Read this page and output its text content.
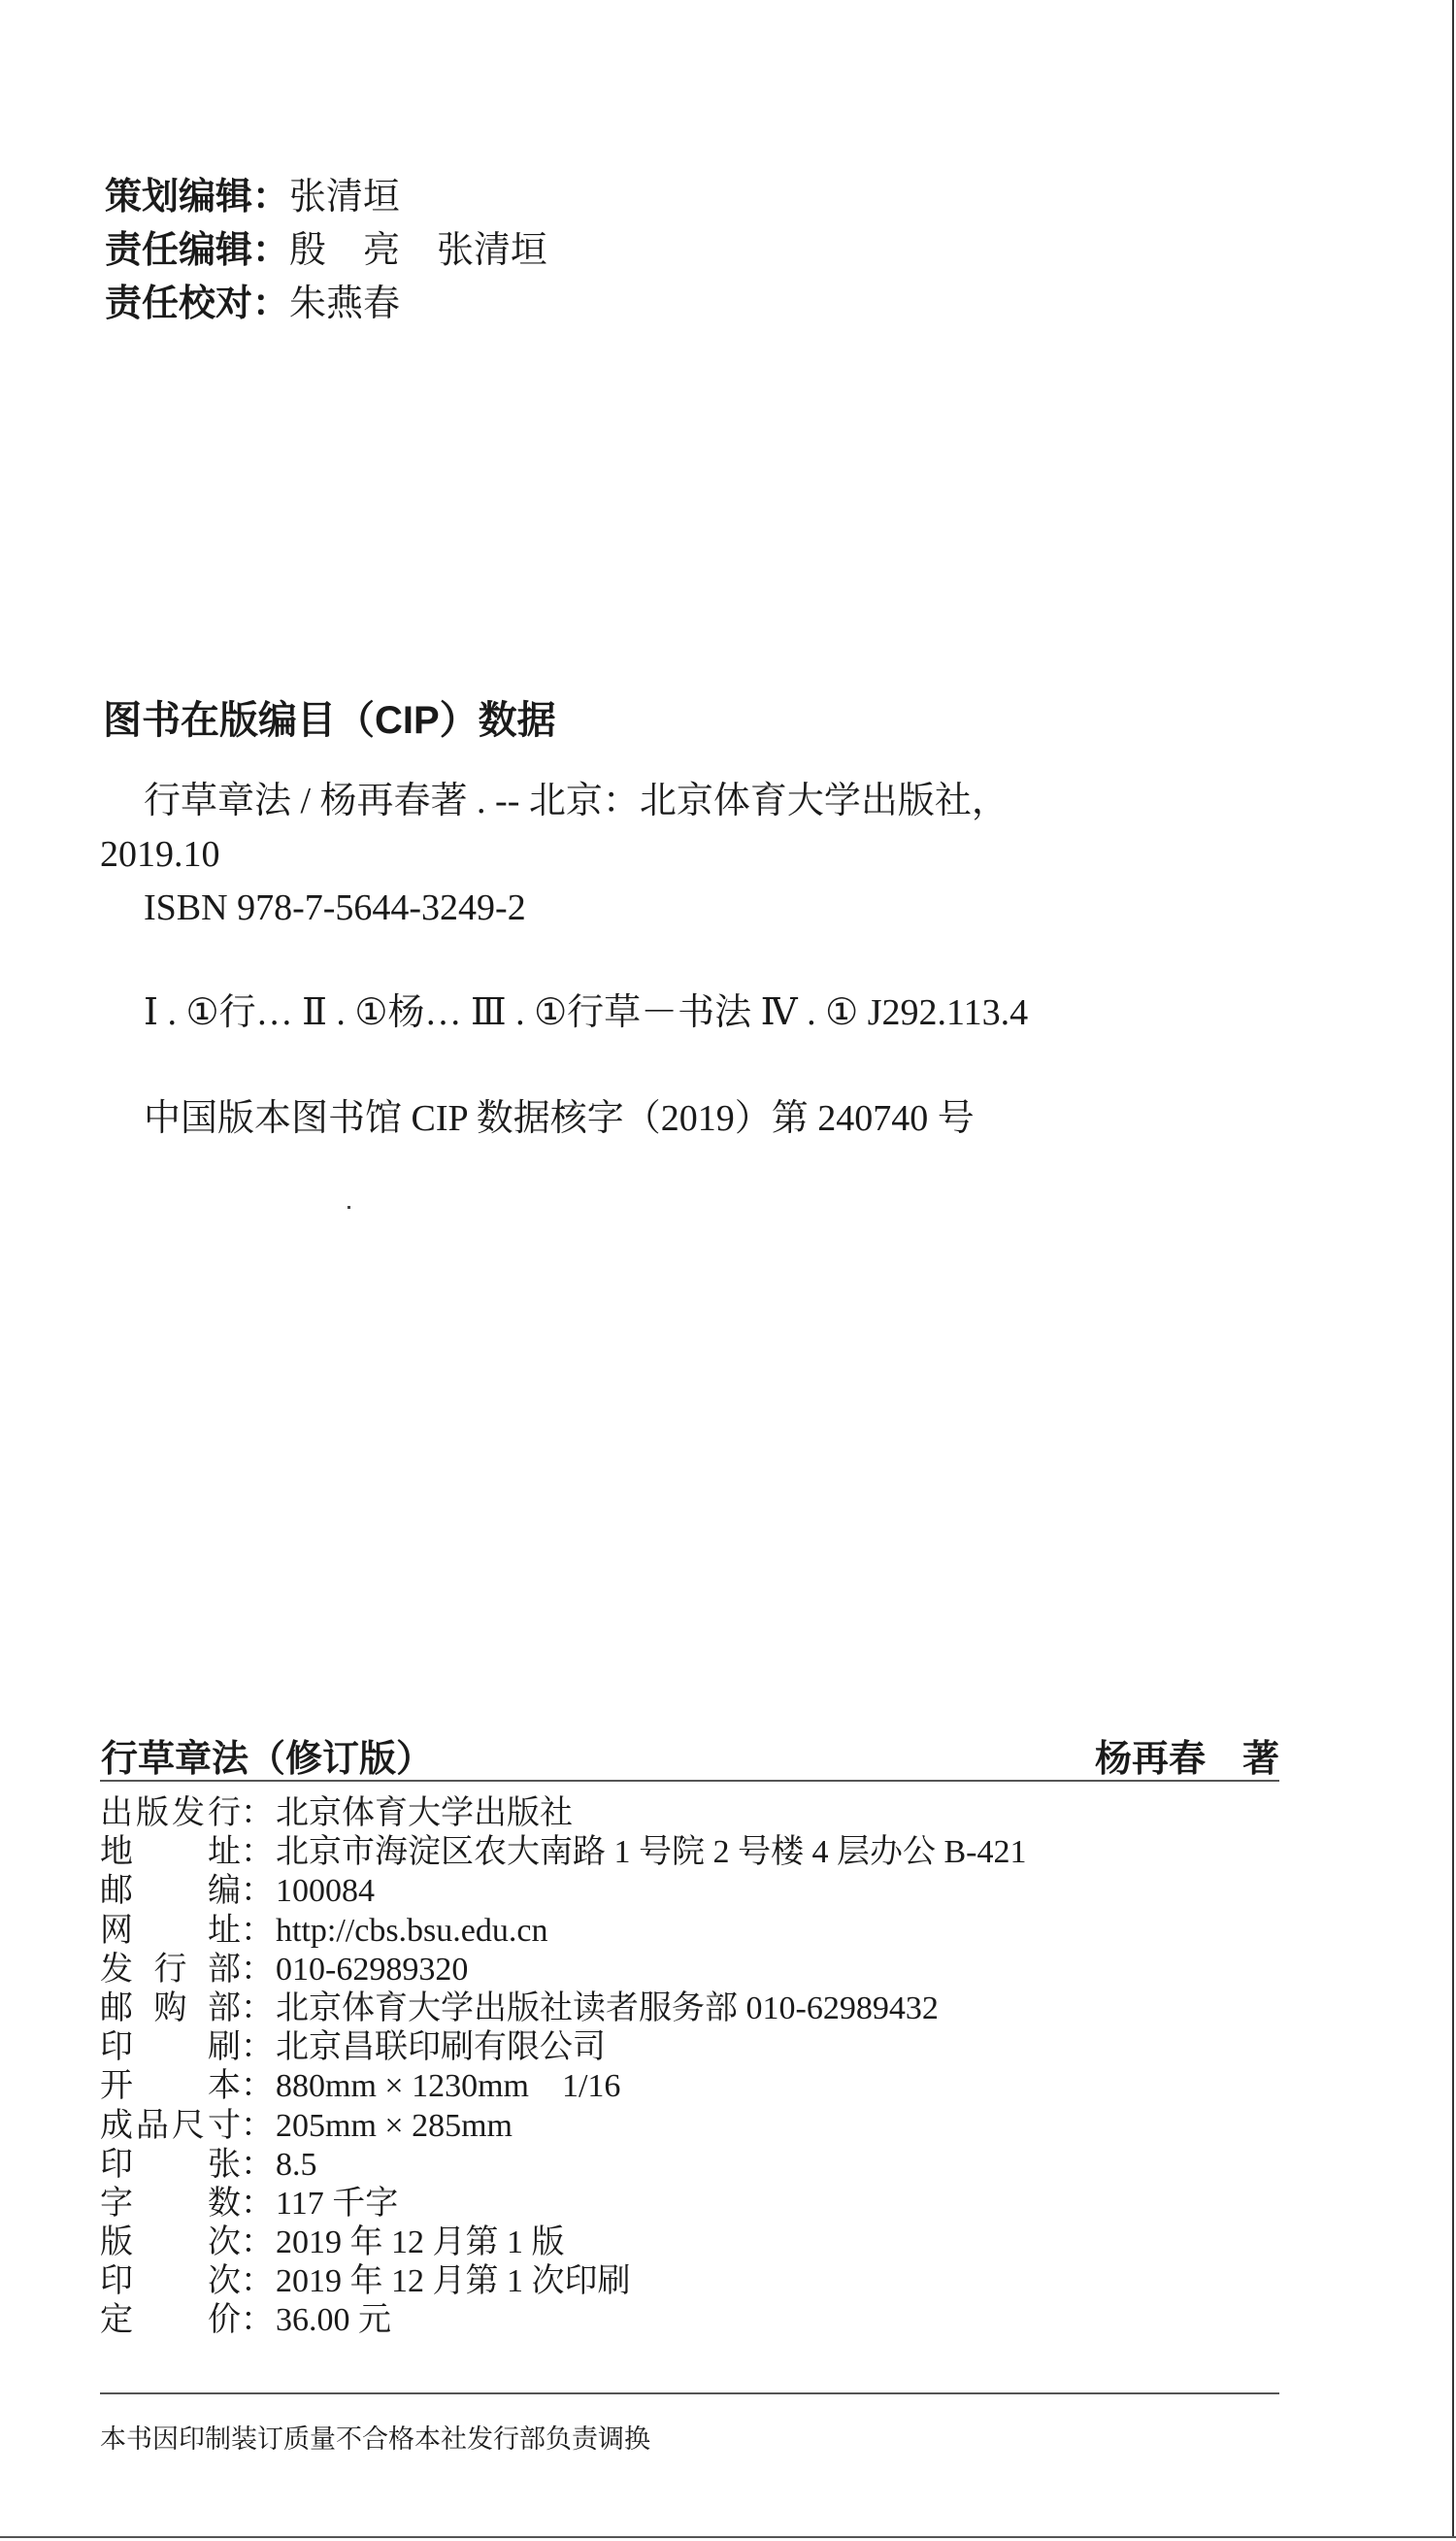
策划编辑：张清垣
责任编辑：殷　亮　张清垣
责任校对：朱燕春
图书在版编目（CIP）数据
行草章法 / 杨再春著 . -- 北京：北京体育大学出版社，
2019.10
ISBN 978-7-5644-3249-2
Ⅰ . ①行… Ⅱ . ①杨… Ⅲ . ①行草－书法 Ⅳ . ① J292.113.4
中国版本图书馆 CIP 数据核字（2019）第 240740 号
行草章法（修订版）	杨再春　著
出 版 发 行 ： 北京体育大学出版社
地 址 ： 北京市海淀区农大南路 1 号院 2 号楼 4 层办公 B-421
邮 编 ： 100084
网 址 ： http://cbs.bsu.edu.cn
发 行 部 ： 010-62989320
邮 购 部 ： 北京体育大学出版社读者服务部 010-62989432
印 刷 ： 北京昌联印刷有限公司
开 本 ： 880mm × 1230mm　1/16
成 品 尺 寸 ： 205mm × 285mm
印 张 ： 8.5
字 数 ： 117 千字
版 次 ： 2019 年 12 月第 1 版
印 次 ： 2019 年 12 月第 1 次印刷
定 价 ： 36.00 元
本书因印制装订质量不合格本社发行部负责调换
